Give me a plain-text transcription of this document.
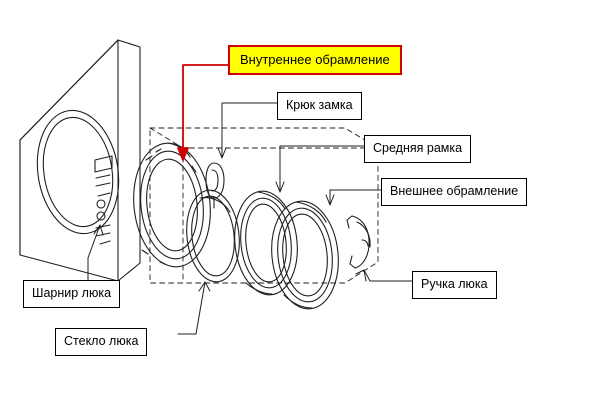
Внутреннее обрамление
Крюк замка
Средняя рамка
Внешнее обрамление
Ручка люка
Шарнир люка
Стекло люка
